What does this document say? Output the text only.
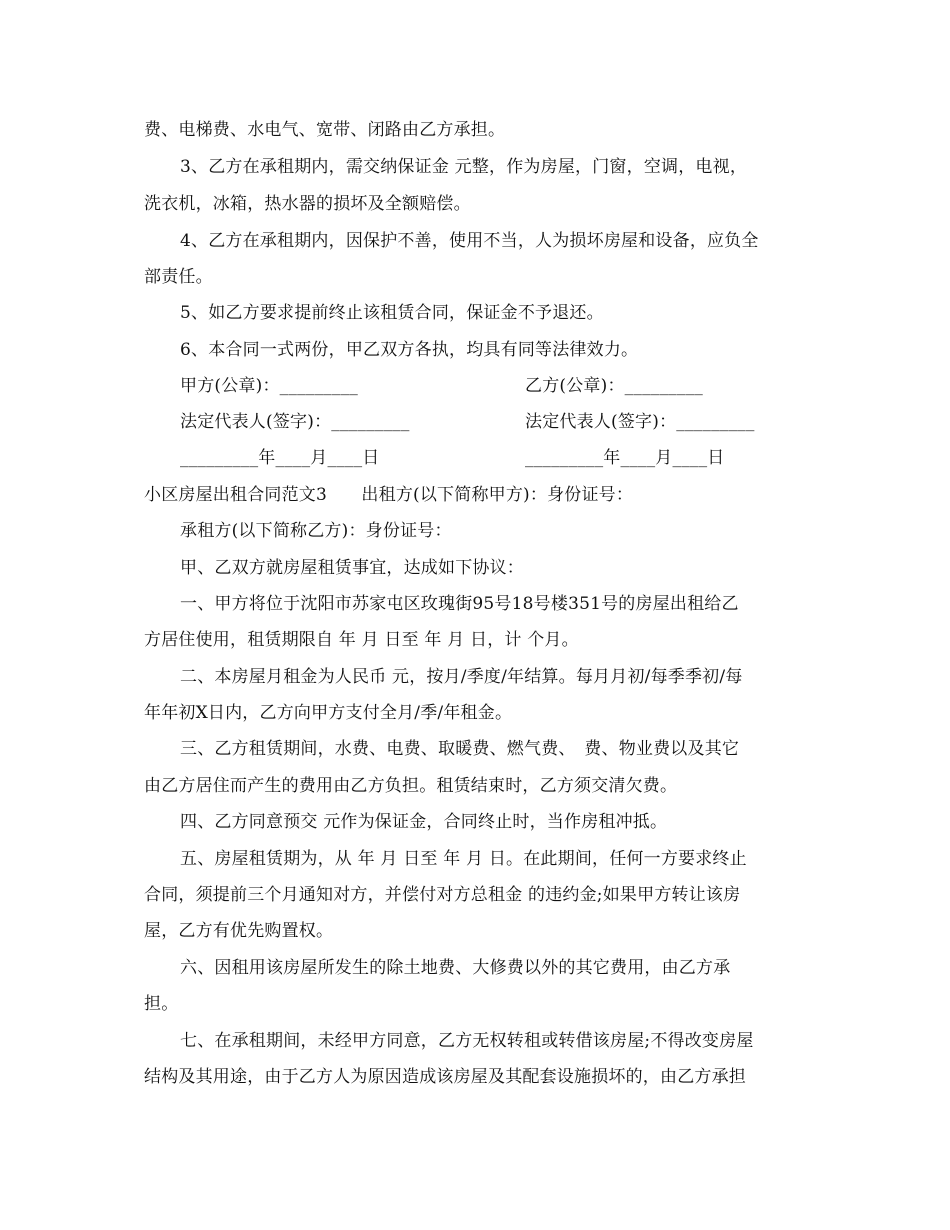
费、电梯费、水电气、宽带、闭路由乙方承担。
3、乙方在承租期内，需交纳保证金 元整，作为房屋，门窗，空调，电视，
洗衣机，冰箱，热水器的损坏及全额赔偿。
4、乙方在承租期内，因保护不善，使用不当，人为损坏房屋和设备，应负全
部责任。
5、如乙方要求提前终止该租赁合同，保证金不予退还。
6、本合同一式两份，甲乙双方各执，均具有同等法律效力。
甲方(公章)：_________	乙方(公章)：_________
法定代表人(签字)：_________	法定代表人(签字)：_________
_________年____月____日	_________年____月____日
小区房屋出租合同范文3　　出租方(以下简称甲方)：身份证号：
承租方(以下简称乙方)：身份证号：
甲、乙双方就房屋租赁事宜，达成如下协议：
一、甲方将位于沈阳市苏家屯区玫瑰街95号18号楼351号的房屋出租给乙
方居住使用，租赁期限自 年 月 日至 年 月 日，计 个月。
二、本房屋月租金为人民币 元，按月/季度/年结算。每月月初/每季季初/每
年年初X日内，乙方向甲方支付全月/季/年租金。
三、乙方租赁期间，水费、电费、取暖费、燃气费、　费、物业费以及其它
由乙方居住而产生的费用由乙方负担。租赁结束时，乙方须交清欠费。
四、乙方同意预交 元作为保证金，合同终止时，当作房租冲抵。
五、房屋租赁期为，从 年 月 日至 年 月 日。在此期间，任何一方要求终止
合同，须提前三个月通知对方，并偿付对方总租金 的违约金;如果甲方转让该房
屋，乙方有优先购置权。
六、因租用该房屋所发生的除土地费、大修费以外的其它费用，由乙方承
担。
七、在承租期间，未经甲方同意，乙方无权转租或转借该房屋;不得改变房屋
结构及其用途，由于乙方人为原因造成该房屋及其配套设施损坏的，由乙方承担
